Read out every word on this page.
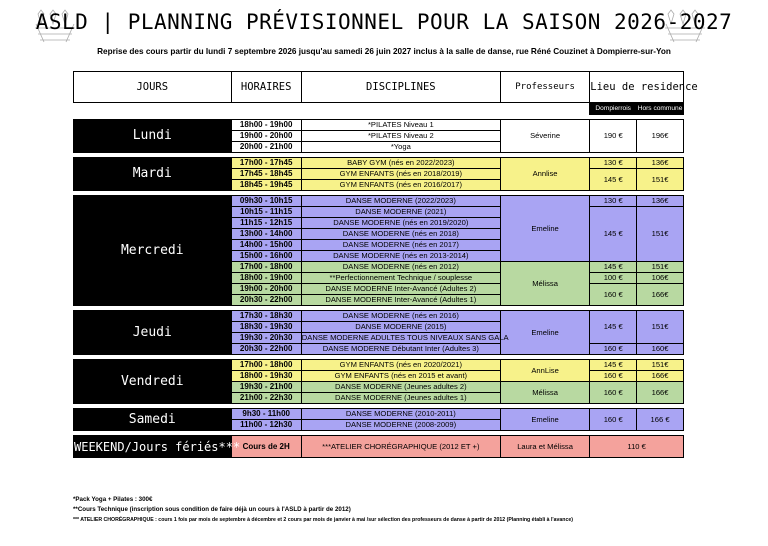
ASLD | PLANNING PRÉVISIONNEL POUR LA SAISON 2026-2027
Reprise des cours partir du lundi 7 septembre 2026 jusqu'au samedi 26 juin 2027 inclus à la salle de danse, rue Réné Couzinet à Dompierre-sur-Yon
JOURS	HORAIRES	DISCIPLINES	Professeurs	Lieu de residence	
				Dompierrois	Hors commune

Lundi	18h00 - 19h00	*PILATES Niveau 1	Séverine	190 €	196€
	19h00 - 20h00	*PILATES Niveau 2			
	20h00 - 21h00	*Yoga			

Mardi	17h00 - 17h45	BABY GYM (nés en 2022/2023)	Annlise	130 €	136€
	17h45 - 18h45	GYM ENFANTS (nés en 2018/2019)		145 €	151€
	18h45 - 19h45	GYM ENFANTS (nés en 2016/2017)			

Mercredi	09h30 - 10h15	DANSE MODERNE (2022/2023)	Emeline	130 €	136€
	10h15 - 11h15	DANSE MODERNE (2021)		145 €	151€
	11h15 - 12h15	DANSE MODERNE (nés en 2019/2020)			
	13h00 - 14h00	DANSE MODERNE (nés en 2018)			
	14h00 - 15h00	DANSE MODERNE (nés en 2017)			
	15h00 - 16h00	DANSE MODERNE (nés en 2013-2014)			
	17h00 - 18h00	DANSE MODERNE (nés en 2012)	Mélissa	145 €	151€
	18h00 - 19h00	**Perfectionnement Technique / souplesse		100 €	106€
	19h00 - 20h00	DANSE MODERNE Inter-Avancé (Adultes 2)		160 €	166€
	20h30 - 22h00	DANSE MODERNE Inter-Avancé (Adultes 1)			

Jeudi	17h30 - 18h30	DANSE MODERNE (nés en 2016)	Emeline	145 €	151€
	18h30 - 19h30	DANSE MODERNE (2015)			
	19h30 - 20h30	DANSE MODERNE ADULTES TOUS NIVEAUX SANS GALA			
	20h30 - 22h00	DANSE MODERNE Débutant Inter (Adultes 3)		160 €	160€

Vendredi	17h00 - 18h00	GYM ENFANTS (nés en 2020/2021)	AnnLise	145 €	151€
	18h00 - 19h30	GYM ENFANTS (nés en 2015 et avant)		160 €	166€
	19h30 - 21h00	DANSE MODERNE (Jeunes adultes 2)	Mélissa	160 €	166€
	21h00 - 22h30	DANSE MODERNE (Jeunes adultes 1)			

Samedi	9h30 - 11h00	DANSE MODERNE (2010-2011)	Emeline	160 €	166 €
	11h00 - 12h30	DANSE MODERNE (2008-2009)			

WEEKEND/Jours fériés***	Cours de 2H	***ATELIER CHORÉGRAPHIQUE (2012 ET +)	Laura et Mélissa	110 €	
*Pack Yoga + Pilates : 300€
**Cours Technique (inscription sous condition de faire déjà un cours à l'ASLD à partir de 2012)
*** ATELIER CHORÉGRAPHIQUE : cours 1 fois par mois de septembre à décembre et 2 cours par mois de janvier à mai /sur sélection des professeurs de danse à partir de 2012 (Planning établi à l'avance)
